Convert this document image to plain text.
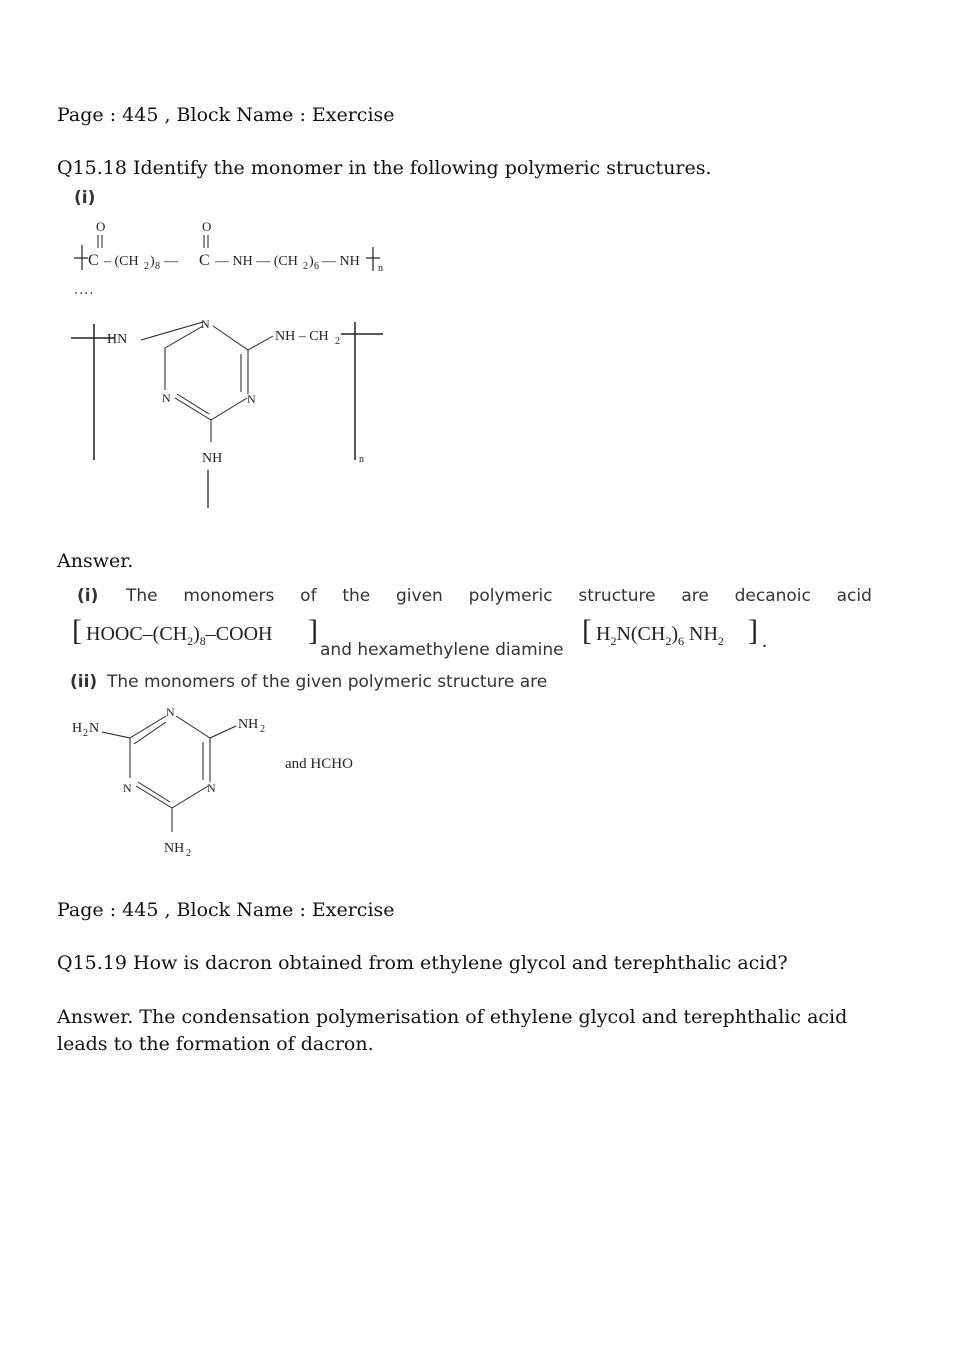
Page : 445 , Block Name : Exercise
Q15.18 Identify the monomer in the following polymeric structures.
(i)
O
C – (CH 2 ) 8 —
O
C — NH — (CH 2 ) 6 — NH n
....
HN
N
N
N
NH – CH 2
n
NH
Answer.
(i) The monomers of the given polymeric structure are decanoic acid
[ HOOC–$(CH_2)_8$–COOH ]
and hexamethylene diamine
[ $H_2N(CH_2)_6$ $NH_2$ ] .
(ii) The monomers of the given polymeric structure are
H 2 N
N
NH 2
N
N
NH 2
and HCHO
Page : 445 , Block Name : Exercise
Q15.19 How is dacron obtained from ethylene glycol and terephthalic acid?
Answer. The condensation polymerisation of ethylene glycol and terephthalic acid leads to the formation of dacron.
